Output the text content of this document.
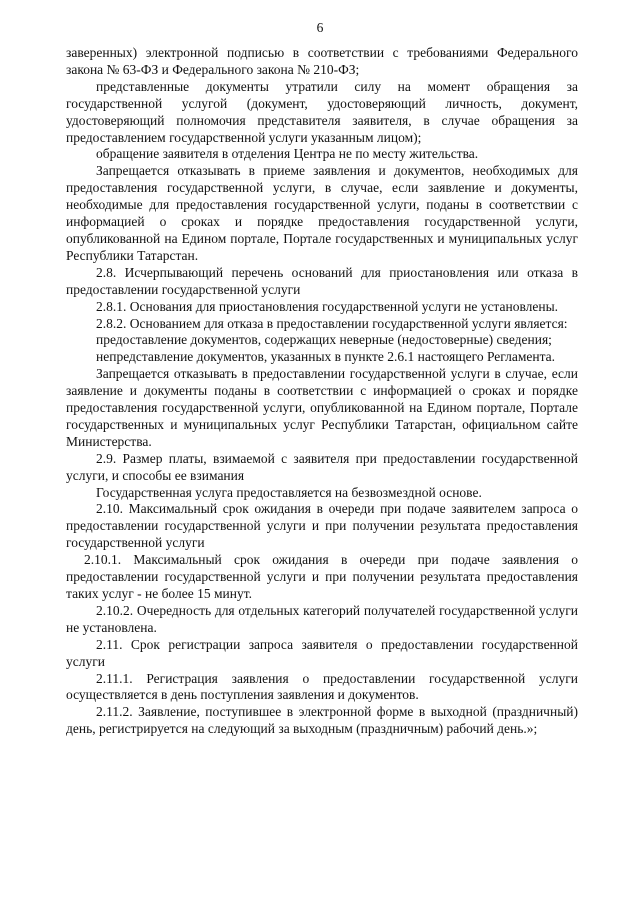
6

заверенных) электронной подписью в соответствии с требованиями Федерального закона № 63-ФЗ и Федерального закона № 210-ФЗ;

представленные документы утратили силу на момент обращения за государственной услугой (документ, удостоверяющий личность, документ, удостоверяющий полномочия представителя заявителя, в случае обращения за предоставлением государственной услуги указанным лицом);

обращение заявителя в отделения Центра не по месту жительства.

Запрещается отказывать в приеме заявления и документов, необходимых для предоставления государственной услуги, в случае, если заявление и документы, необходимые для предоставления государственной услуги, поданы в соответствии с информацией о сроках и порядке предоставления государственной услуги, опубликованной на Едином портале, Портале государственных и муниципальных услуг Республики Татарстан.

2.8. Исчерпывающий перечень оснований для приостановления или отказа в предоставлении государственной услуги

2.8.1. Основания для приостановления государственной услуги не установлены.

2.8.2. Основанием для отказа в предоставлении государственной услуги является:

предоставление документов, содержащих неверные (недостоверные) сведения;

непредставление документов, указанных в пункте 2.6.1 настоящего Регламента.

Запрещается отказывать в предоставлении государственной услуги в случае, если заявление и документы поданы в соответствии с информацией о сроках и порядке предоставления государственной услуги, опубликованной на Едином портале, Портале государственных и муниципальных услуг Республики Татарстан, официальном сайте Министерства.

2.9. Размер платы, взимаемой с заявителя при предоставлении государственной услуги, и способы ее взимания

Государственная услуга предоставляется на безвозмездной основе.

2.10. Максимальный срок ожидания в очереди при подаче заявителем запроса о предоставлении государственной услуги и при получении результата предоставления государственной услуги

2.10.1. Максимальный срок ожидания в очереди при подаче заявления о предоставлении государственной услуги и при получении результата предоставления таких услуг - не более 15 минут.

2.10.2. Очередность для отдельных категорий получателей государственной услуги не установлена.

2.11. Срок регистрации запроса заявителя о предоставлении государственной услуги

2.11.1. Регистрация заявления о предоставлении государственной услуги осуществляется в день поступления заявления и документов.

2.11.2. Заявление, поступившее в электронной форме в выходной (праздничный) день, регистрируется на следующий за выходным (праздничным) рабочий день.»;
